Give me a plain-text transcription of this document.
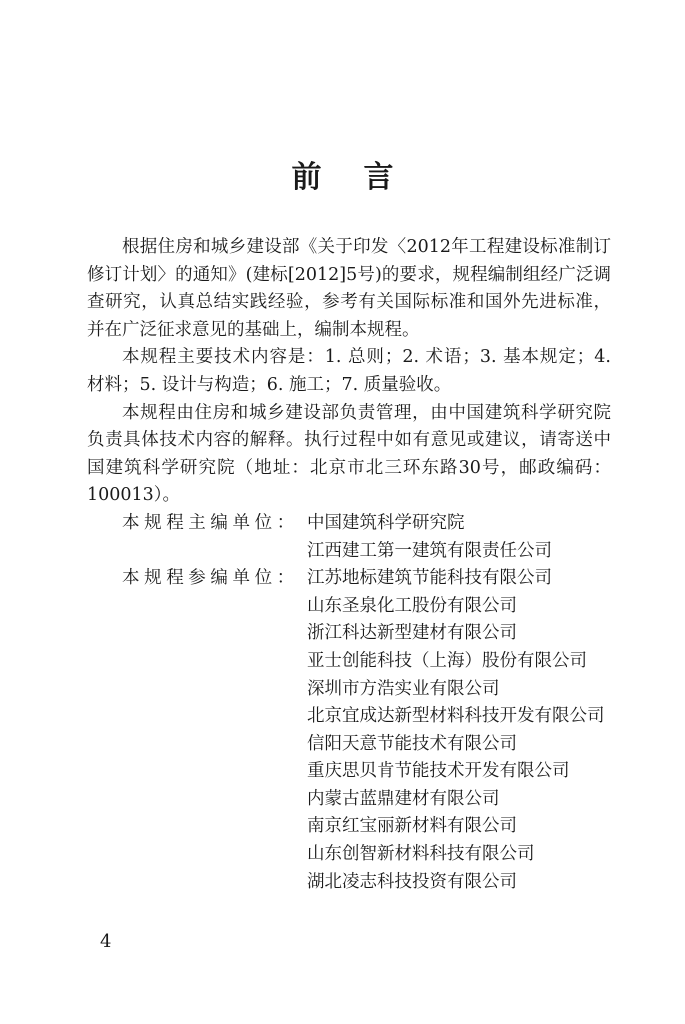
前 言

根据住房和城乡建设部《关于印发〈2012年工程建设标准制订修订计划〉的通知》(建标[2012]5号)的要求，规程编制组经广泛调查研究，认真总结实践经验，参考有关国际标准和国外先进标准，并在广泛征求意见的基础上，编制本规程。

本规程主要技术内容是：1. 总则；2. 术语；3. 基本规定；4. 材料；5. 设计与构造；6. 施工；7. 质量验收。

本规程由住房和城乡建设部负责管理，由中国建筑科学研究院负责具体技术内容的解释。执行过程中如有意见或建议，请寄送中国建筑科学研究院（地址：北京市北三环东路30号，邮政编码：100013）。

本规程主编单位： 中国建筑科学研究院
江西建工第一建筑有限责任公司
本规程参编单位： 江苏地标建筑节能科技有限公司
山东圣泉化工股份有限公司
浙江科达新型建材有限公司
亚士创能科技（上海）股份有限公司
深圳市方浩实业有限公司
北京宜成达新型材料科技开发有限公司
信阳天意节能技术有限公司
重庆思贝肯节能技术开发有限公司
内蒙古蓝鼎建材有限公司
南京红宝丽新材料有限公司
山东创智新材料科技有限公司
湖北凌志科技投资有限公司
4
